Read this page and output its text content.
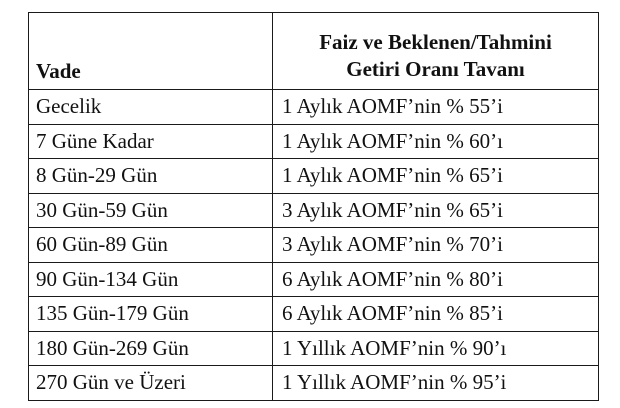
Vade	Faiz ve Beklenen/Tahmini
Getiri Oranı Tavanı

Gecelik	1 Aylık AOMF’nin % 55’i
7 Güne Kadar	1 Aylık AOMF’nin % 60’ı
8 Gün-29 Gün	1 Aylık AOMF’nin % 65’i
30 Gün-59 Gün	3 Aylık AOMF’nin % 65’i
60 Gün-89 Gün	3 Aylık AOMF’nin % 70’i
90 Gün-134 Gün	6 Aylık AOMF’nin % 80’i
135 Gün-179 Gün	6 Aylık AOMF’nin % 85’i
180 Gün-269 Gün	1 Yıllık AOMF’nin % 90’ı
270 Gün ve Üzeri	1 Yıllık AOMF’nin % 95’i
